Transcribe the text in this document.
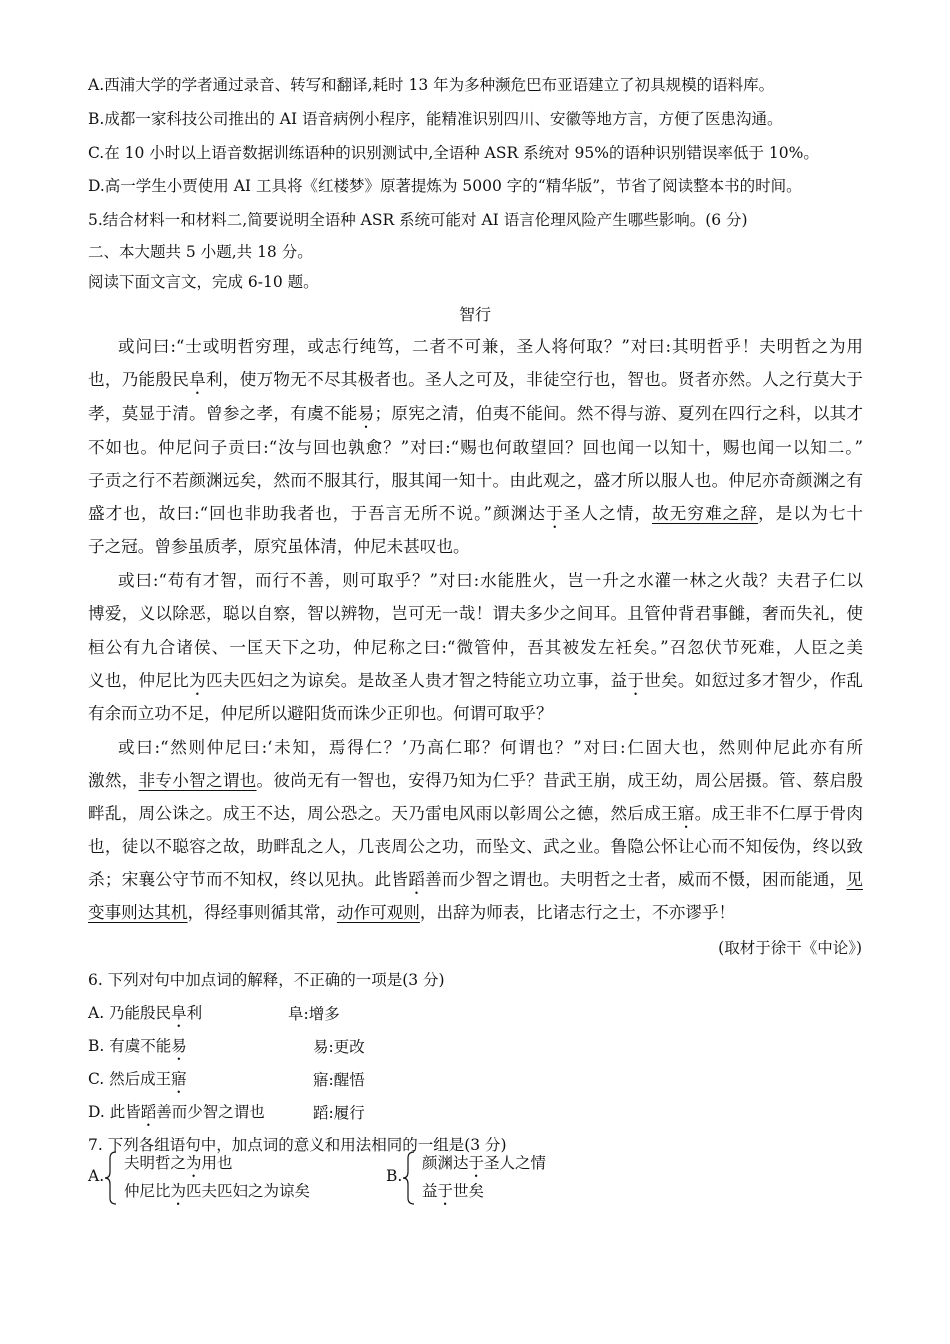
A.西浦大学的学者通过录音、转写和翻译,耗时 13 年为多种濒危巴布亚语建立了初具规模的语料库。
B.成都一家科技公司推出的 AI 语音病例小程序，能精准识别四川、安徽等地方言，方便了医患沟通。
C.在 10 小时以上语音数据训练语种的识别测试中,全语种 ASR 系统对 95%的语种识别错误率低于 10%。
D.高一学生小贾使用 AI 工具将《红楼梦》原著提炼为 5000 字的“精华版”，节省了阅读整本书的时间。
5.结合材料一和材料二,简要说明全语种 ASR 系统可能对 AI 语言伦理风险产生哪些影响。(6 分)
二、本大题共 5 小题,共 18 分。
阅读下面文言文，完成 6-10 题。
智行
或问曰:“士或明哲穷理，或志行纯笃，二者不可兼，圣人将何取？”对曰:其明哲乎！夫明哲之为用
也，乃能殷民阜利，使万物无不尽其极者也。圣人之可及，非徒空行也，智也。贤者亦然。人之行莫大于
孝，莫显于清。曾参之孝，有虞不能易；原宪之清，伯夷不能间。然不得与游、夏列在四行之科，以其才
不如也。仲尼问子贡曰:“汝与回也孰愈？”对曰:“赐也何敢望回？回也闻一以知十，赐也闻一以知二。”
子贡之行不若颜渊远矣，然而不服其行，服其闻一知十。由此观之，盛才所以服人也。仲尼亦奇颜渊之有
盛才也，故曰:“回也非助我者也，于吾言无所不说。”颜渊达于圣人之情，故无穷难之辞，是以为七十
子之冠。曾参虽质孝，原究虽体清，仲尼未甚叹也。
或曰:“苟有才智，而行不善，则可取乎？”对曰:水能胜火，岂一升之水灌一林之火哉？夫君子仁以
博爱，义以除恶，聪以自察，智以辨物，岂可无一哉！谓夫多少之间耳。且管仲背君事雠，奢而失礼，使
桓公有九合诸侯、一匡天下之功，仲尼称之曰:“微管仲，吾其被发左衽矣。”召忽伏节死难，人臣之美
义也，仲尼比为匹夫匹妇之为谅矣。是故圣人贵才智之特能立功立事，益于世矣。如愆过多才智少，作乱
有余而立功不足，仲尼所以避阳货而诛少正卯也。何谓可取乎？
或曰:“然则仲尼曰:‘未知，焉得仁？’乃高仁耶？何谓也？”对曰:仁固大也，然则仲尼此亦有所
激然，非专小智之谓也。彼尚无有一智也，安得乃知为仁乎？昔武王崩，成王幼，周公居摄。管、蔡启殷
畔乱，周公诛之。成王不达，周公恐之。天乃雷电风雨以彰周公之德，然后成王寤。成王非不仁厚于骨肉
也，徒以不聪容之故，助畔乱之人，几丧周公之功，而坠文、武之业。鲁隐公怀让心而不知佞伪，终以致
杀；宋襄公守节而不知权，终以见执。此皆蹈善而少智之谓也。夫明哲之士者，威而不慑，困而能通，见
变事则达其机，得经事则循其常，动作可观则，出辞为师表，比诸志行之士，不亦谬乎！
(取材于徐干《中论》)
6. 下列对句中加点词的解释，不正确的一项是(3 分)
A. 乃能殷民阜利	阜:增多
B. 有虞不能易	易:更改
C. 然后成王寤	寤:醒悟
D. 此皆蹈善而少智之谓也	蹈:履行
7. 下列各组语句中，加点词的意义和用法相同的一组是(3 分)
A.
夫明哲之为用也
仲尼比为匹夫匹妇之为谅矣
B.
颜渊达于圣人之情
益于世矣
